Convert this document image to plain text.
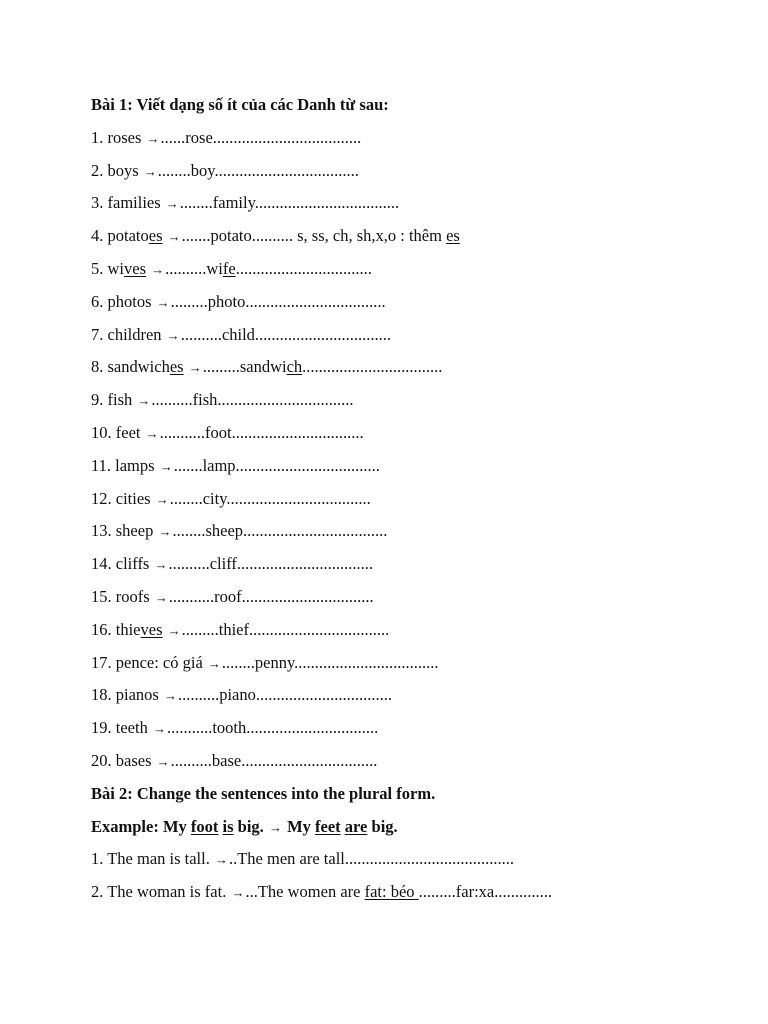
Bài 1: Viết dạng số ít của các Danh từ sau:
1. roses →......rose....................................
2. boys →........boy...................................
3. families →........family...................................
4. potatoes →.......potato.......... s, ss, ch, sh,x,o : thêm es
5. wives →..........wife.................................
6. photos →.........photo..................................
7. children →..........child.................................
8. sandwiches →.........sandwich..................................
9. fish →..........fish.................................
10. feet →...........foot................................
11. lamps →.......lamp...................................
12. cities →........city...................................
13. sheep →........sheep...................................
14. cliffs →..........cliff.................................
15. roofs →...........roof................................
16. thieves →.........thief..................................
17. pence: có giá →........penny...................................
18. pianos →..........piano.................................
19. teeth →...........tooth................................
20. bases →..........base.................................
Bài 2: Change the sentences into the plural form.
Example: My foot is big. → My feet are big.
1. The man is tall. →..The men are tall.........................................
2. The woman is fat. →...The women are fat: béo .........far:xa..............
